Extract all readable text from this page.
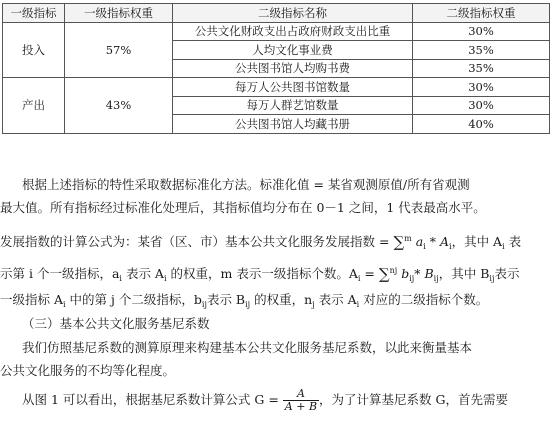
一级指标	一级指标权重	二级指标名称	二级指标权重
投入	57%	公共文化财政支出占政府财政支出比重	30%
		人均文化事业费	35%
		公共图书馆人均购书费	35%
产出	43%	每万人公共图书馆数量	30%
		每万人群艺馆数量	30%
		公共图书馆人均藏书册	40%
根据上述指标的特性采取数据标准化方法。标准化值 = 某省观测原值/所有省观测
最大值。所有指标经过标准化处理后，其指标值均分布在 0－1 之间，1 代表最高水平。
发展指数的计算公式为：某省（区、市）基本公共文化服务发展指数 = ∑$^m$ $a_i * A_i$，其中 $A_i$ 表
示第 i 个一级指标，$a_i$ 表示 $A_i$ 的权重，m 表示一级指标个数。$A_i = \sum^{nj}$ $b_{ij}*$ $B_{ij}$，其中 $B_{ij}$表示
一级指标 $A_i$ 中的第 j 个二级指标，$b_{ij}$表示 $B_{ij}$ 的权重，$n_j$ 表示 $A_i$ 对应的二级指标个数。
（三）基本公共文化服务基尼系数
我们仿照基尼系数的测算原理来构建基本公共文化服务基尼系数，以此来衡量基本
公共文化服务的不均等化程度。
从图 1 可以看出，根据基尼系数计算公式 $G = \frac{A}{A + B}$ ，为了计算基尼系数 G，首先需要
